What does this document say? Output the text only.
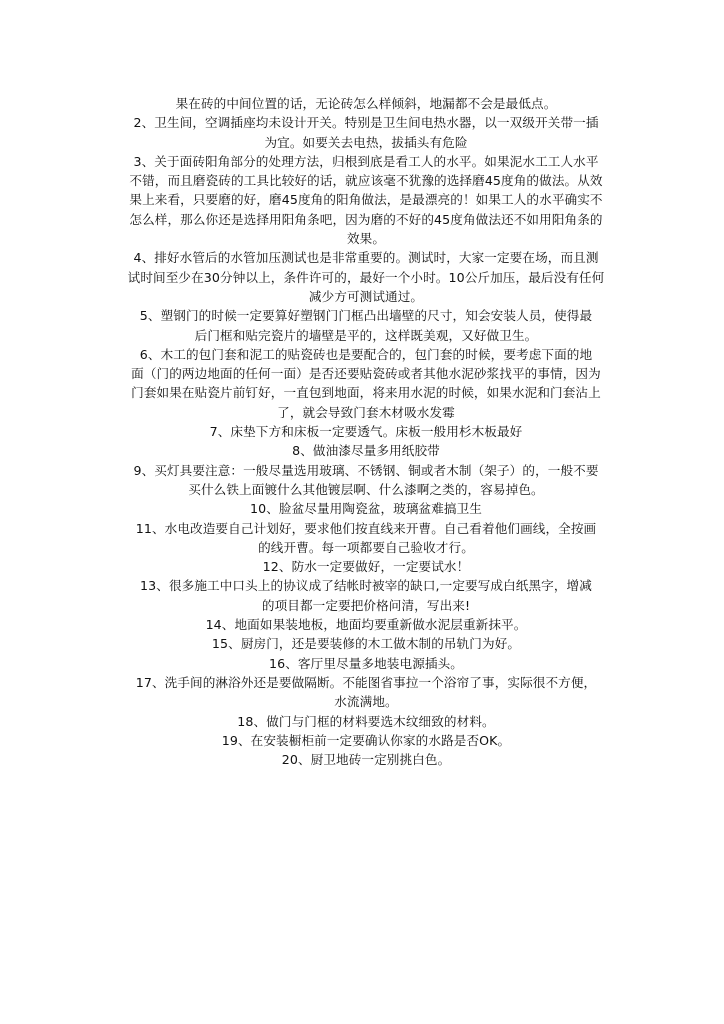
果在砖的中间位置的话，无论砖怎么样倾斜，地漏都不会是最低点。
2、卫生间，空调插座均未设计开关。特别是卫生间电热水器，以一双级开关带一插
为宜。如要关去电热，拔插头有危险
3、关于面砖阳角部分的处理方法，归根到底是看工人的水平。如果泥水工工人水平
不错，而且磨瓷砖的工具比较好的话，就应该毫不犹豫的选择磨45度角的做法。从效
果上来看，只要磨的好，磨45度角的阳角做法，是最漂亮的！如果工人的水平确实不
怎么样，那么你还是选择用阳角条吧，因为磨的不好的45度角做法还不如用阳角条的
效果。
4、排好水管后的水管加压测试也是非常重要的。测试时，大家一定要在场，而且测
试时间至少在30分钟以上，条件许可的，最好一个小时。10公斤加压，最后没有任何
减少方可测试通过。
5、塑钢门的时候一定要算好塑钢门门框凸出墙壁的尺寸，知会安装人员，使得最
后门框和贴完瓷片的墙壁是平的，这样既美观，又好做卫生。
6、木工的包门套和泥工的贴瓷砖也是要配合的，包门套的时候，要考虑下面的地
面（门的两边地面的任何一面）是否还要贴瓷砖或者其他水泥砂浆找平的事情，因为
门套如果在贴瓷片前钉好，一直包到地面，将来用水泥的时候，如果水泥和门套沾上
了，就会导致门套木材吸水发霉
7、床垫下方和床板一定要透气。床板一般用杉木板最好
8、做油漆尽量多用纸胶带
9、买灯具要注意：一般尽量选用玻璃、不锈钢、铜或者木制（架子）的，一般不要
买什么铁上面镀什么其他镀层啊、什么漆啊之类的，容易掉色。
10、脸盆尽量用陶瓷盆，玻璃盆难搞卫生
11、水电改造要自己计划好，要求他们按直线来开曹。自己看着他们画线，全按画
的线开曹。每一项都要自己验收才行。
12、防水一定要做好，一定要试水！
13、很多施工中口头上的协议成了结帐时被宰的缺口,一定要写成白纸黑字，增减
的项目都一定要把价格问清，写出来!
14、地面如果装地板，地面均要重新做水泥层重新抹平。
15、厨房门，还是要装修的木工做木制的吊轨门为好。
16、客厅里尽量多地装电源插头。
17、洗手间的淋浴外还是要做隔断。不能图省事拉一个浴帘了事，实际很不方便，
水流满地。
18、做门与门框的材料要选木纹细致的材料。
19、在安装橱柜前一定要确认你家的水路是否OK。
20、厨卫地砖一定别挑白色。
